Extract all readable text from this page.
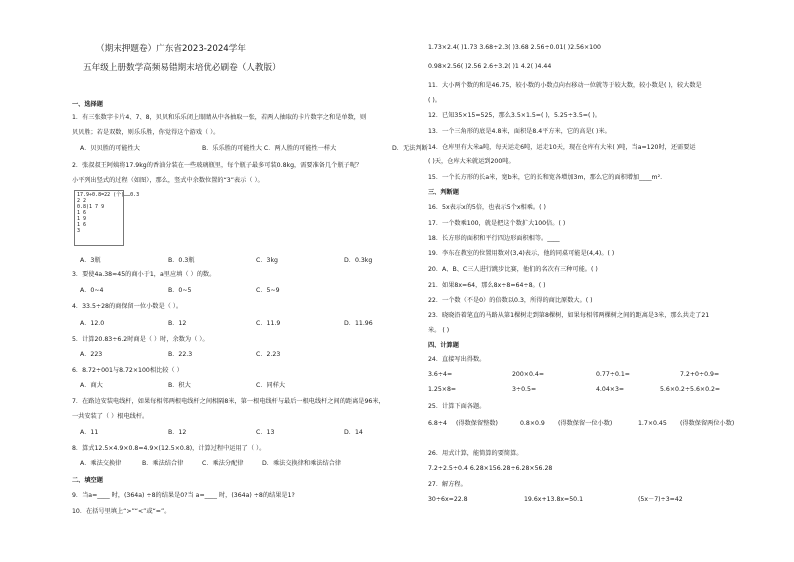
（期末押题卷）广东省2023-2024学年
五年级上册数学高频易错期末培优必刷卷（人教版）
一、选择题
1．有三张数字卡片4、7、8，贝贝和乐乐闭上眼睛从中各抽取一张，若两人抽取的卡片数字之和是单数，则
贝贝胜；若是双数，则乐乐胜，你觉得这个游戏（ ）。
A．贝贝胜的可能性大	B．乐乐胜的可能性大 C．两人胜的可能性一样大	D．无法判断
2．张叔叔王阿姨将17.9kg的香油分装在一些玻璃瓶里，每个瓶子最多可装0.8kg，需要准备几个瓶子呢？
小平列出竖式的过程（如图），那么，竖式中余数位置的“3”表示（ ）。
17.9÷0.8=22 (个)……0.3
2 2
0.8)1 7 9
1 6
1 9
1 6
3
A．3瓶	B．0.3瓶	C．3kg	D．0.3kg
3．要使4a.38≈45的商小于1，a里应填（ ）的数。
A．0~4	B．0~5	C．5~9
4．33.5÷28的商保留一位小数是（ ）。
A．12.0	B．12	C．11.9	D．11.96
5．计算20.83÷6.2时商是（ ）时，余数为（ ）。
A．223	B．22.3	C．2.23
6．8.72÷001与8.72×100相比较（ ）
A．商大	B．积大	C．同样大
7．在路边安装电线杆，如果每相邻两根电线杆之间相隔8米，第一根电线杆与最后一根电线杆之间的距离是96米，
一共安装了（ ）根电线杆。
A．11	B．12	C．13	D．14
8．算式12.5×4.9×0.8=4.9×(12.5×0.8)，计算过程中运用了（ ）。
A．乘法交换律	B．乘法结合律	C．乘法分配律	D．乘法交换律和乘法结合律
二、填空题
9．当a=____ 时，(364a) ÷8的结果是0?当 a=____ 时，(364a) ÷8的结果是1?
10．在括号里填上“>”“<”或“=”。
1.73×2.4( )1.73 3.68÷2.3( )3.68 2.56÷0.01( )2.56×100
0.98×2.56( )2.56 2.6÷3.2( )1 4.2( )4.44
11．大小两个数的和是46.75，较小数的小数点向右移动一位就等于较大数，较小数是( )，较大数是
( )。
12．已知35×15=525，那么3.5×1.5=( )，5.25÷3.5=( )。
13．一个三角形的底是4.8米，面积是8.4平方米，它的高是( )米。
14．仓库里有大米a吨，每天运走6吨，运走10天，现在仓库有大米( )吨，当a=120时，还需要运
( )天，仓库大米就运到200吨。
15．一个长方形的长a米，宽b米，它的长和宽各增加3m，那么它的面积增加____m².
三、判断题
16．5x表示x的5倍，也表示5个x相乘。( )
17．一个数乘100，就是把这个数扩大100倍。( )
18．长方形的面积和平行四边形面积相等。____
19．李东在教室的位置用数对(3,4)表示，他的同桌可能是(4,4)。( )
20．A、B、C三人进行跳步比赛，他们的名次有三种可能。( )
21．如果8x=64，那么8x÷8=64÷8。( )
22．一个数（不是0）的倍数以0.3，所得的商比原数大。( )
23．晓晓沿着笔直的马路从第1棵树走到第8棵树，如果每相邻两棵树之间的距离是3米，那么共走了21
米。 ( )
四、计算题
24．直接写出得数。
3.6÷4=	200×0.4=	0.77÷0.1=	7.2+0÷0.9=
1.25×8=	3÷0.5=	4.04×3=	5.6×0.2÷5.6×0.2=
25．计算下面各题。
6.8÷4 (得数保留整数)	0.8×0.9 (得数保留一位小数)	1.7×0.45 (得数保留两位小数)
26．用式计算，能简算的要简算。
7.2÷2.5÷0.4 6.28×156.28÷6.28×56.28
27．解方程。
30÷6x=22.8	19.6x+13.8x=50.1	(5x－7)÷3=42
